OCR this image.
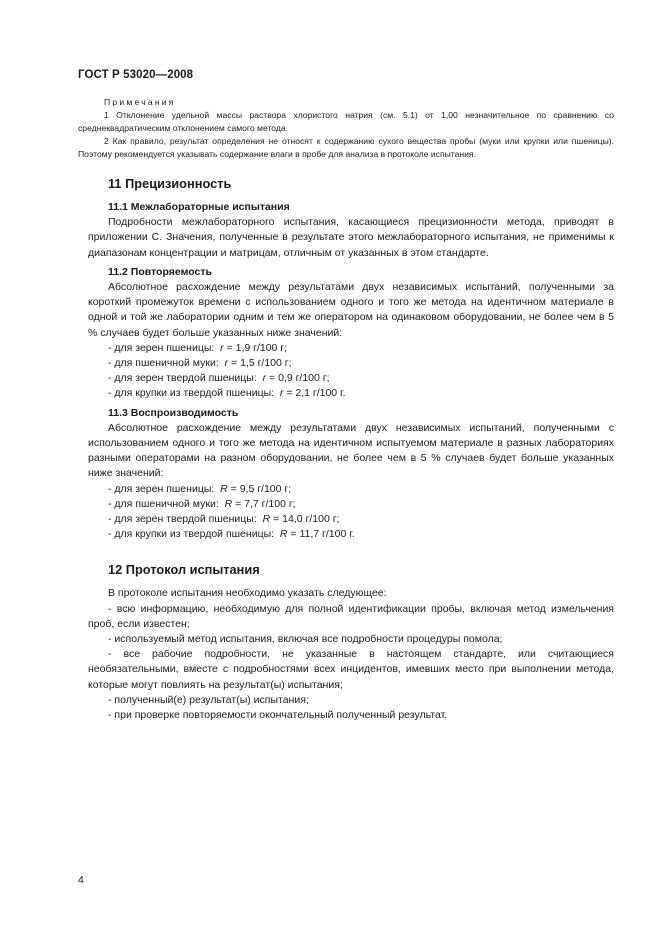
ГОСТ Р 53020—2008
Примечания

1 Отклонение удельной массы раствора хлористого натрия (см. 5.1) от 1,00 незначительное по сравнению со среднеквадратическим отклонением самого метода.

2 Как правило, результат определения не относят к содержанию сухого вещества пробы (муки или крупки или пшеницы). Поэтому рекомендуется указывать содержание влаги в пробе для анализа в протоколе испытания.

11 Прецизионность

11.1 Межлабораторные испытания

Подробности межлабораторного испытания, касающиеся прецизионности метода, приводят в приложении С. Значения, полученные в результате этого межлабораторного испытания, не применимы к диапазонам концентрации и матрицам, отличным от указанных в этом стандарте.

11.2 Повторяемость

Абсолютное расхождение между результатами двух независимых испытаний, полученными за короткий промежуток времени с использованием одного и того же метода на идентичном материале в одной и той же лаборатории одним и тем же оператором на одинаковом оборудовании, не более чем в 5 % случаев будет больше указанных ниже значений:

- для зерен пшеницы: r = 1,9 г/100 г;

- для пшеничной муки: r = 1,5 г/100 г;

- для зерен твердой пшеницы: r = 0,9 г/100 г;

- для крупки из твердой пшеницы: r = 2,1 г/100 г.

11.3 Воспроизводимость

Абсолютное расхождение между результатами двух независимых испытаний, полученными с использованием одного и того же метода на идентичном испытуемом материале в разных лабораториях разными операторами на разном оборудовании, не более чем в 5 % случаев будет больше указанных ниже значений:

- для зерен пшеницы: R = 9,5 г/100 г;

- для пшеничной муки: R = 7,7 г/100 г;

- для зерен твердой пшеницы: R = 14,0 г/100 г;

- для крупки из твердой пшеницы: R = 11,7 г/100 г.

12 Протокол испытания

В протоколе испытания необходимо указать следующее:

- всю информацию, необходимую для полной идентификации пробы, включая метод измельчения проб, если известен;

- используемый метод испытания, включая все подробности процедуры помола;

- все рабочие подробности, не указанные в настоящем стандарте, или считающиеся необязательными, вместе с подробностями всех инцидентов, имевших место при выполнении метода, которые могут повлиять на результат(ы) испытания;

- полученный(е) результат(ы) испытания;

- при проверке повторяемости окончательный полученный результат.

4
